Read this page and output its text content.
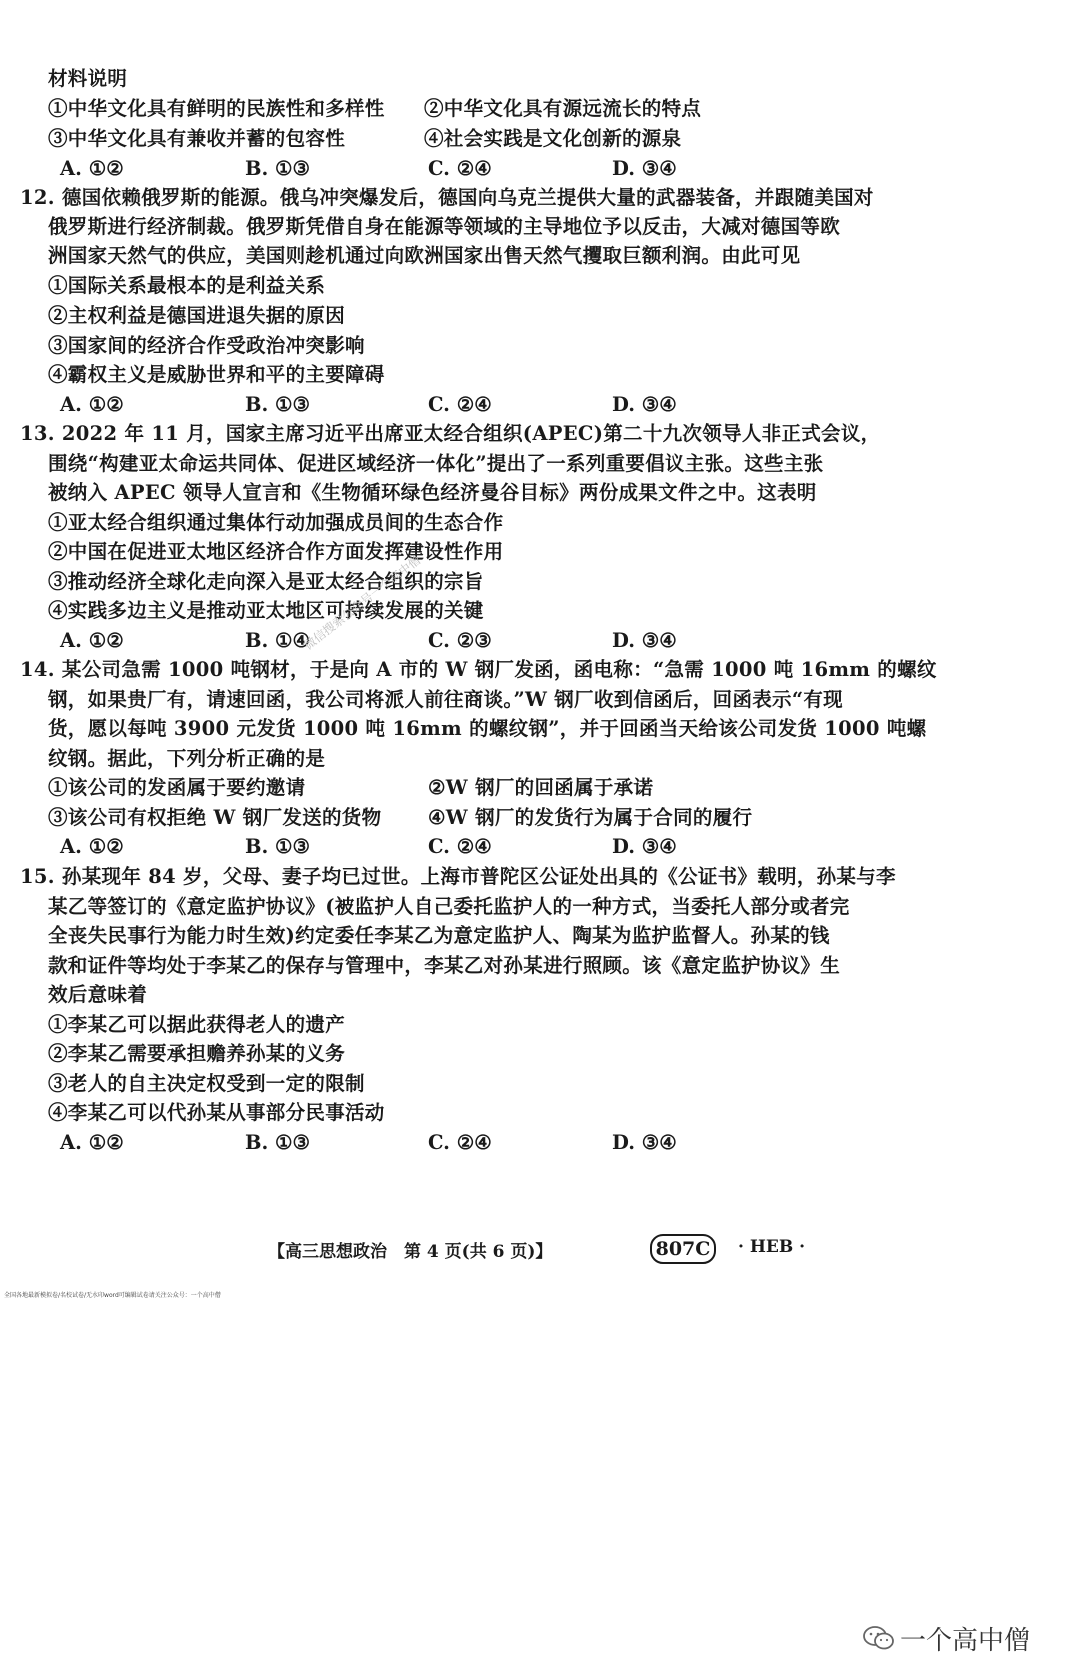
材料说明
①中华文化具有鲜明的民族性和多样性 ②中华文化具有源远流长的特点
③中华文化具有兼收并蓄的包容性	④社会实践是文化创新的源泉
A. ①②	B. ①③	C. ②④	D. ③④
12. 德国依赖俄罗斯的能源。俄乌冲突爆发后，德国向乌克兰提供大量的武器装备，并跟随美国对
俄罗斯进行经济制裁。俄罗斯凭借自身在能源等领域的主导地位予以反击，大减对德国等欧
洲国家天然气的供应，美国则趁机通过向欧洲国家出售天然气攫取巨额利润。由此可见
①国际关系最根本的是利益关系
②主权利益是德国进退失据的原因
③国家间的经济合作受政治冲突影响
④霸权主义是威胁世界和平的主要障碍
A. ①②	B. ①③	C. ②④	D. ③④
13. 2022 年 11 月，国家主席习近平出席亚太经合组织(APEC)第二十九次领导人非正式会议，
围绕“构建亚太命运共同体、促进区域经济一体化”提出了一系列重要倡议主张。这些主张
被纳入 APEC 领导人宣言和《生物循环绿色经济曼谷目标》两份成果文件之中。这表明
①亚太经合组织通过集体行动加强成员间的生态合作
②中国在促进亚太地区经济合作方面发挥建设性作用
③推动经济全球化走向深入是亚太经合组织的宗旨
④实践多边主义是推动亚太地区可持续发展的关键
A. ①②	B. ①④	C. ②③	D. ③④
14. 某公司急需 1000 吨钢材，于是向 A 市的 W 钢厂发函，函电称：“急需 1000 吨 16mm 的螺纹
钢，如果贵厂有，请速回函，我公司将派人前往商谈。”W 钢厂收到信函后，回函表示“有现
货，愿以每吨 3900 元发货 1000 吨 16mm 的螺纹钢”，并于回函当天给该公司发货 1000 吨螺
纹钢。据此，下列分析正确的是
①该公司的发函属于要约邀请	②W 钢厂的回函属于承诺
③该公司有权拒绝 W 钢厂发送的货物 ④W 钢厂的发货行为属于合同的履行
A. ①②	B. ①③	C. ②④	D. ③④
15. 孙某现年 84 岁，父母、妻子均已过世。上海市普陀区公证处出具的《公证书》载明，孙某与李
某乙等签订的《意定监护协议》(被监护人自己委托监护人的一种方式，当委托人部分或者完
全丧失民事行为能力时生效)约定委任李某乙为意定监护人、陶某为监护监督人。孙某的钱
款和证件等均处于李某乙的保存与管理中，李某乙对孙某进行照顾。该《意定监护协议》生
效后意味着
①李某乙可以据此获得老人的遗产
②李某乙需要承担赡养孙某的义务
③老人的自主决定权受到一定的限制
④李某乙可以代孙某从事部分民事活动
A. ①②	B. ①③	C. ②④	D. ③④
【高三思想政治　第 4 页(共 6 页)】	807C	· HEB ·
全国各地最新模拟卷/名校试卷/无水印word可编辑试卷请关注公众号：一个高中僧
微信搜索公众号一个高中僧
一个高中僧
